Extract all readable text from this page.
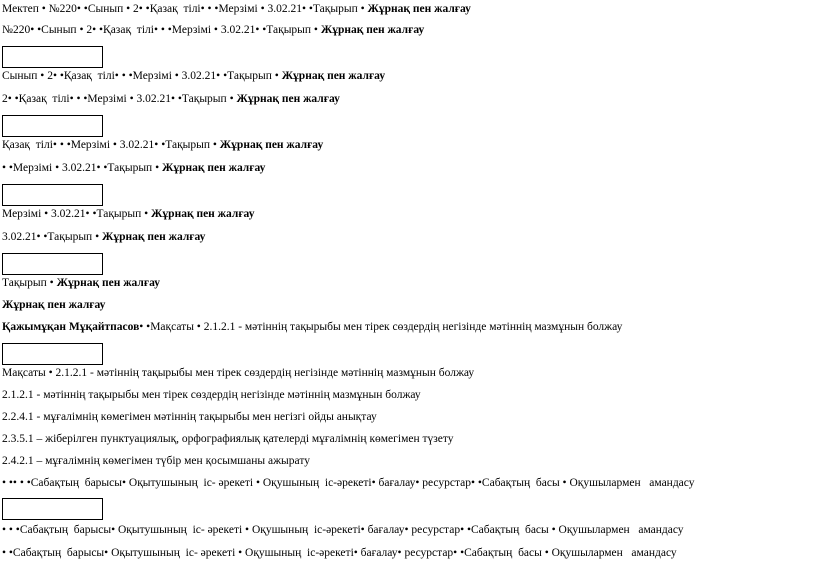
Мектеп • №220• •Сынып • 2• •Қазақ  тілі• • •Мерзімі • 3.02.21• •Тақырып • Жұрнақ пен жалғау
№220• •Сынып • 2• •Қазақ  тілі• • •Мерзімі • 3.02.21• •Тақырып • Жұрнақ пен жалғау
Сынып • 2• •Қазақ  тілі• • •Мерзімі • 3.02.21• •Тақырып • Жұрнақ пен жалғау
2• •Қазақ  тілі• • •Мерзімі • 3.02.21• •Тақырып • Жұрнақ пен жалғау
Қазақ  тілі• • •Мерзімі • 3.02.21• •Тақырып • Жұрнақ пен жалғау
• •Мерзімі • 3.02.21• •Тақырып • Жұрнақ пен жалғау
Мерзімі • 3.02.21• •Тақырып • Жұрнақ пен жалғау
3.02.21• •Тақырып • Жұрнақ пен жалғау
Тақырып • Жұрнақ пен жалғау
Жұрнақ пен жалғау
Қажымұқан Мұқайтпасов• •Мақсаты • 2.1.2.1 - мәтіннің тақырыбы мен тірек сөздердің негізінде мәтіннің мазмұнын болжау
Мақсаты • 2.1.2.1 - мәтіннің тақырыбы мен тірек сөздердің негізінде мәтіннің мазмұнын болжау
2.1.2.1 - мәтіннің тақырыбы мен тірек сөздердің негізінде мәтіннің мазмұнын болжау
2.2.4.1 - мұғалімнің көмегімен мәтіннің тақырыбы мен негізгі ойды анықтау
2.3.5.1 – жіберілген пунктуациялық, орфографиялық қателерді мұғалімнің көмегімен түзету
2.4.2.1 – мұғалімнің көмегімен түбір мен қосымшаны ажырату
• •• • •Сабақтың  барысы• Оқытушының  іс- әрекеті • Оқушының  іс-әрекеті• бағалау• ресурстар• •Сабақтың  басы • Оқушылармен   амандасу
• • •Сабақтың  барысы• Оқытушының  іс- әрекеті • Оқушының  іс-әрекеті• бағалау• ресурстар• •Сабақтың  басы • Оқушылармен   амандасу
• •Сабақтың  барысы• Оқытушының  іс- әрекеті • Оқушының  іс-әрекеті• бағалау• ресурстар• •Сабақтың  басы • Оқушылармен   амандасу
